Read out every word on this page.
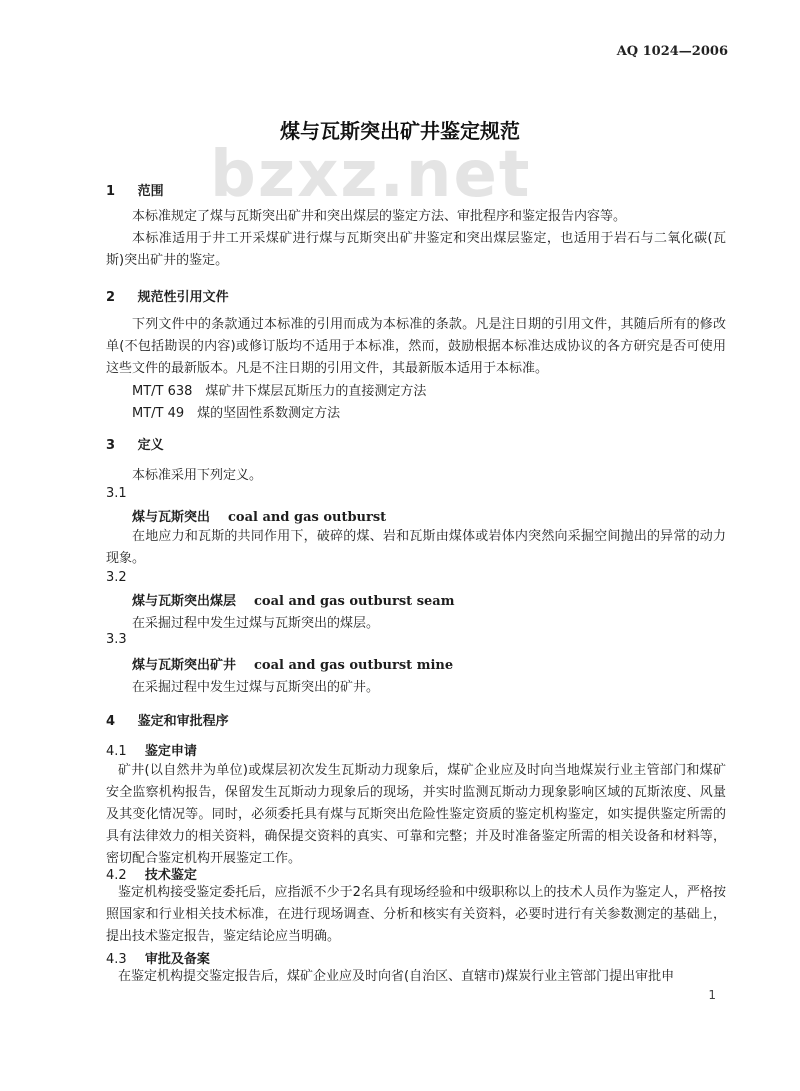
AQ 1024—2006
bzxz.net
煤与瓦斯突出矿井鉴定规范
1 范围
本标准规定了煤与瓦斯突出矿井和突出煤层的鉴定方法、审批程序和鉴定报告内容等。
本标准适用于井工开采煤矿进行煤与瓦斯突出矿井鉴定和突出煤层鉴定，也适用于岩石与二氧化碳(瓦斯)突出矿井的鉴定。
2 规范性引用文件
下列文件中的条款通过本标准的引用而成为本标准的条款。凡是注日期的引用文件，其随后所有的修改单(不包括勘误的内容)或修订版均不适用于本标准，然而，鼓励根据本标准达成协议的各方研究是否可使用这些文件的最新版本。凡是不注日期的引用文件，其最新版本适用于本标准。
MT/T 638　煤矿井下煤层瓦斯压力的直接测定方法
MT/T 49　煤的坚固性系数测定方法
3 定义
本标准采用下列定义。
3.1
煤与瓦斯突出 coal and gas outburst
在地应力和瓦斯的共同作用下，破碎的煤、岩和瓦斯由煤体或岩体内突然向采掘空间抛出的异常的动力现象。
3.2
煤与瓦斯突出煤层 coal and gas outburst seam
在采掘过程中发生过煤与瓦斯突出的煤层。
3.3
煤与瓦斯突出矿井 coal and gas outburst mine
在采掘过程中发生过煤与瓦斯突出的矿井。
4 鉴定和审批程序
4.1 鉴定申请
矿井(以自然井为单位)或煤层初次发生瓦斯动力现象后，煤矿企业应及时向当地煤炭行业主管部门和煤矿安全监察机构报告，保留发生瓦斯动力现象后的现场，并实时监测瓦斯动力现象影响区域的瓦斯浓度、风量及其变化情况等。同时，必须委托具有煤与瓦斯突出危险性鉴定资质的鉴定机构鉴定，如实提供鉴定所需的具有法律效力的相关资料，确保提交资料的真实、可靠和完整；并及时准备鉴定所需的相关设备和材料等，密切配合鉴定机构开展鉴定工作。
4.2 技术鉴定
鉴定机构接受鉴定委托后，应指派不少于2名具有现场经验和中级职称以上的技术人员作为鉴定人，严格按照国家和行业相关技术标准，在进行现场调查、分析和核实有关资料，必要时进行有关参数测定的基础上，提出技术鉴定报告，鉴定结论应当明确。
4.3 审批及备案
在鉴定机构提交鉴定报告后，煤矿企业应及时向省(自治区、直辖市)煤炭行业主管部门提出审批申
1
